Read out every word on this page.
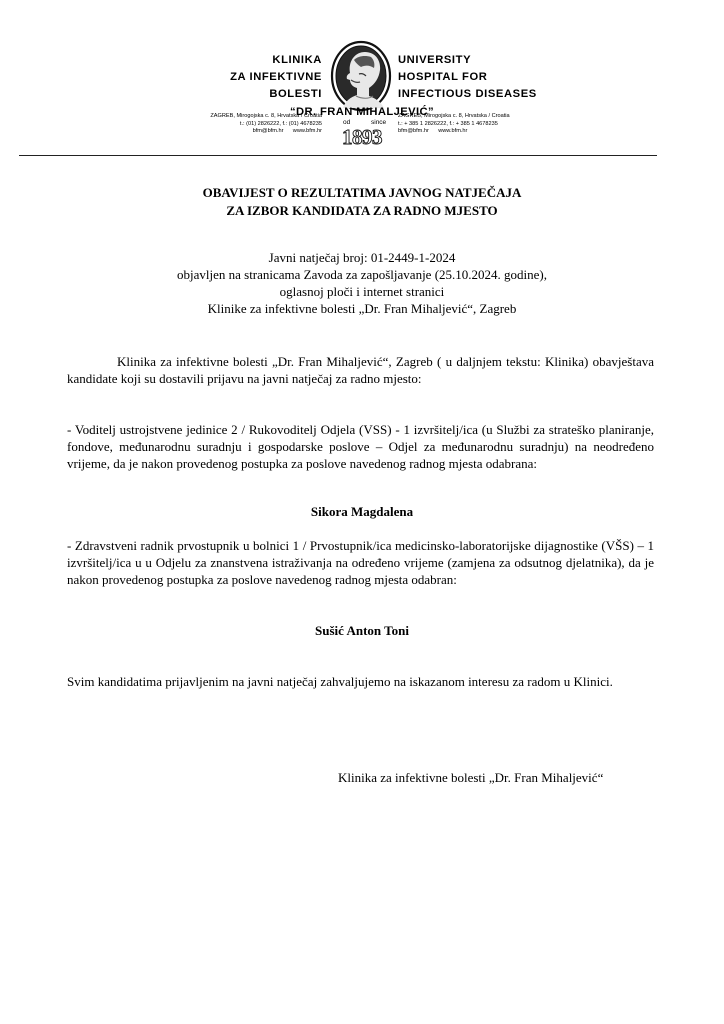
KLINIKA
ZA INFEKTIVNE
BOLESTI
UNIVERSITY
HOSPITAL FOR
INFECTIOUS DISEASES
“DR. FRAN MIHALJEVIĆ”
od	since
1893
ZAGREB, Mirogojska c. 8, Hrvatska / Croatia
t.: (01) 2826222, f.: (01) 4678235
bfm@bfm.hr www.bfm.hr
ZAGREB, Mirogojska c. 8, Hrvatska / Croatia
t.: + 385 1 2826222, f.: + 385 1 4678235
bfm@bfm.hr www.bfm.hr
OBAVIJEST O REZULTATIMA JAVNOG NATJEČAJA
ZA IZBOR KANDIDATA ZA RADNO MJESTO
Javni natječaj broj: 01-2449-1-2024
objavljen na stranicama Zavoda za zapošljavanje (25.10.2024. godine),
oglasnoj ploči i internet stranici
Klinike za infektivne bolesti „Dr. Fran Mihaljević“, Zagreb
Klinika za infektivne bolesti „Dr. Fran Mihaljević“, Zagreb ( u daljnjem tekstu: Klinika) obavještava kandidate koji su dostavili prijavu na javni natječaj za radno mjesto:
- Voditelj ustrojstvene jedinice 2 / Rukovoditelj Odjela (VSS) - 1 izvršitelj/ica (u Službi za strateško planiranje, fondove, međunarodnu suradnju i gospodarske poslove – Odjel za međunarodnu suradnju) na neodređeno vrijeme, da je nakon provedenog postupka za poslove navedenog radnog mjesta odabrana:
Sikora Magdalena
- Zdravstveni radnik prvostupnik u bolnici 1 / Prvostupnik/ica medicinsko-laboratorijske dijagnostike (VŠS) – 1 izvršitelj/ica u u Odjelu za znanstvena istraživanja na određeno vrijeme (zamjena za odsutnog djelatnika), da je nakon provedenog postupka za poslove navedenog radnog mjesta odabran:
Sušić Anton Toni
Svim kandidatima prijavljenim na javni natječaj zahvaljujemo na iskazanom interesu za radom u Klinici.
Klinika za infektivne bolesti „Dr. Fran Mihaljević“
